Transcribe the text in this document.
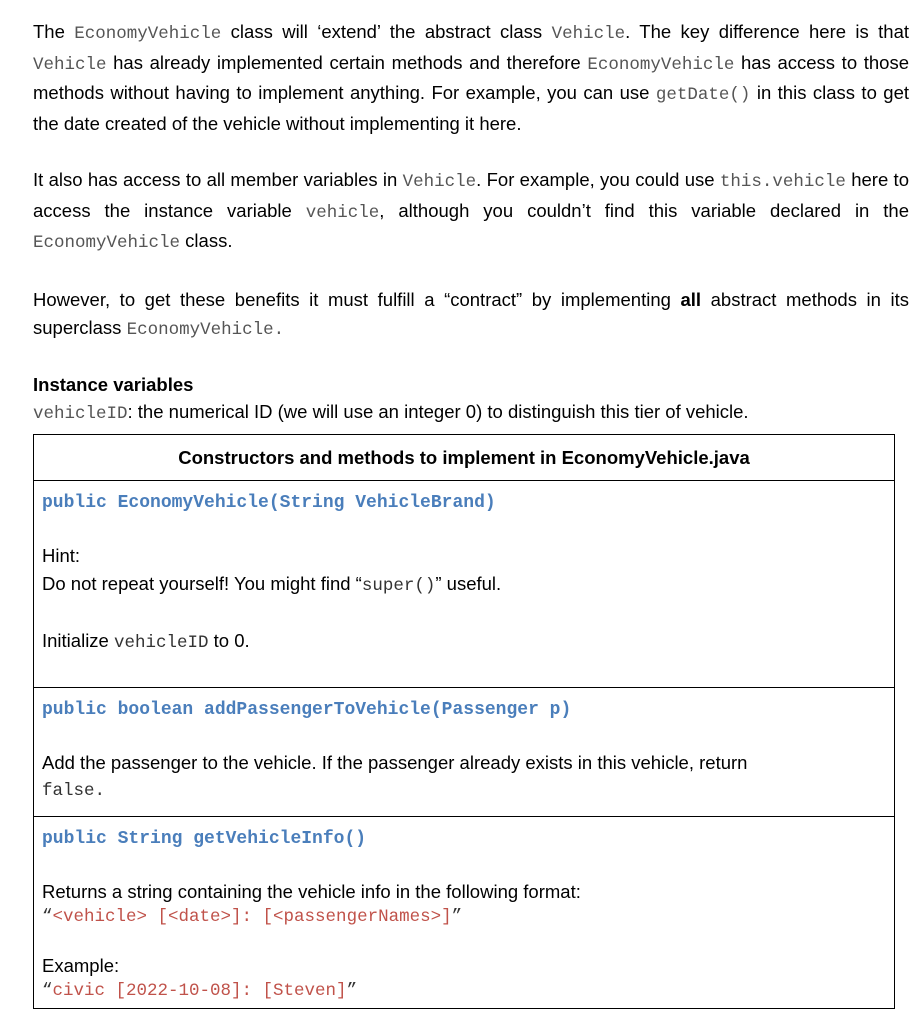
The EconomyVehicle class will ‘extend’ the abstract class Vehicle. The key difference here is that Vehicle has already implemented certain methods and therefore EconomyVehicle has access to those methods without having to implement anything. For example, you can use getDate() in this class to get the date created of the vehicle without implementing it here.

It also has access to all member variables in Vehicle. For example, you could use this.vehicle here to access the instance variable vehicle, although you couldn’t find this variable declared in the EconomyVehicle class.

However, to get these benefits it must fulfill a “contract” by implementing all abstract methods in its superclass EconomyVehicle.

Instance variables
vehicleID: the numerical ID (we will use an integer 0) to distinguish this tier of vehicle.
Constructors and methods to implement in EconomyVehicle.java

public EconomyVehicle(String VehicleBrand)
Hint:
Do not repeat yourself! You might find “super()” useful.
Initialize vehicleID to 0.

public boolean addPassengerToVehicle(Passenger p)
Add the passenger to the vehicle. If the passenger already exists in this vehicle, return
false.

public String getVehicleInfo()
Returns a string containing the vehicle info in the following format:
“<vehicle> [<date>]: [<passengerNames>]”
Example:
“civic [2022-10-08]: [Steven]”
